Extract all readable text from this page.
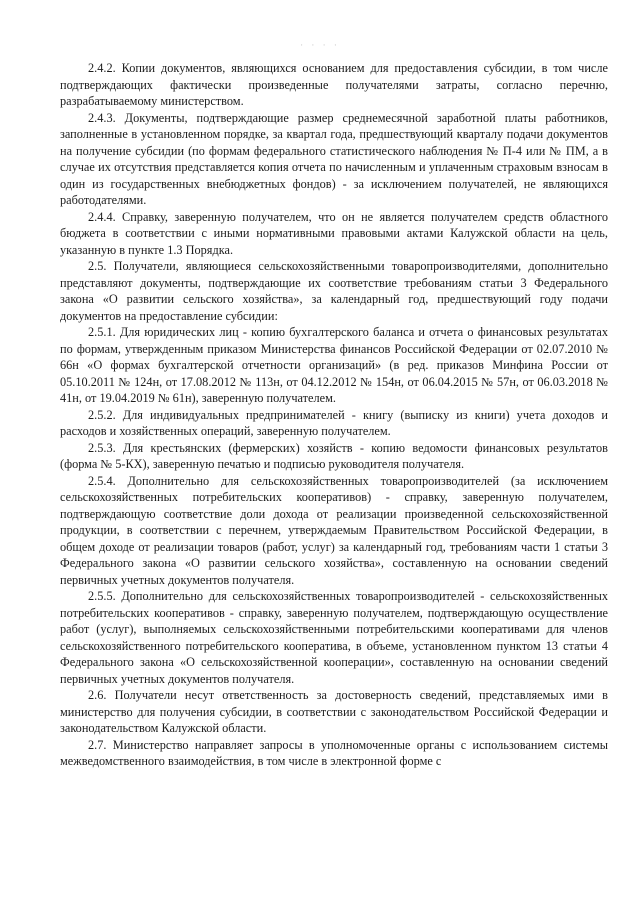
· · · ·

2.4.2. Копии документов, являющихся основанием для предоставления субсидии, в том числе подтверждающих фактически произведенные получателями затраты, согласно перечню, разрабатываемому министерством.

2.4.3. Документы, подтверждающие размер среднемесячной заработной платы работников, заполненные в установленном порядке, за квартал года, предшествующий кварталу подачи документов на получение субсидии (по формам федерального статистического наблюдения № П-4 или № ПМ, а в случае их отсутствия представляется копия отчета по начисленным и уплаченным страховым взносам в один из государственных внебюджетных фондов) - за исключением получателей, не являющихся работодателями.

2.4.4. Справку, заверенную получателем, что он не является получателем средств областного бюджета в соответствии с иными нормативными правовыми актами Калужской области на цель, указанную в пункте 1.3 Порядка.

2.5. Получатели, являющиеся сельскохозяйственными товаропроизводителями, дополнительно представляют документы, подтверждающие их соответствие требованиям статьи 3 Федерального закона «О развитии сельского хозяйства», за календарный год, предшествующий году подачи документов на предоставление субсидии:

2.5.1. Для юридических лиц - копию бухгалтерского баланса и отчета о финансовых результатах по формам, утвержденным приказом Министерства финансов Российской Федерации от 02.07.2010 № 66н «О формах бухгалтерской отчетности организаций» (в ред. приказов Минфина России от 05.10.2011 № 124н, от 17.08.2012 № 113н, от 04.12.2012 № 154н, от 06.04.2015 № 57н, от 06.03.2018 № 41н, от 19.04.2019 № 61н), заверенную получателем.

2.5.2. Для индивидуальных предпринимателей - книгу (выписку из книги) учета доходов и расходов и хозяйственных операций, заверенную получателем.

2.5.3. Для крестьянских (фермерских) хозяйств - копию ведомости финансовых результатов (форма № 5-КХ), заверенную печатью и подписью руководителя получателя.

2.5.4. Дополнительно для сельскохозяйственных товаропроизводителей (за исключением сельскохозяйственных потребительских кооперативов) - справку, заверенную получателем, подтверждающую соответствие доли дохода от реализации произведенной сельскохозяйственной продукции, в соответствии с перечнем, утверждаемым Правительством Российской Федерации, в общем доходе от реализации товаров (работ, услуг) за календарный год, требованиям части 1 статьи 3 Федерального закона «О развитии сельского хозяйства», составленную на основании сведений первичных учетных документов получателя.

2.5.5. Дополнительно для сельскохозяйственных товаропроизводителей - сельскохозяйственных потребительских кооперативов - справку, заверенную получателем, подтверждающую осуществление работ (услуг), выполняемых сельскохозяйственными потребительскими кооперативами для членов сельскохозяйственного потребительского кооператива, в объеме, установленном пунктом 13 статьи 4 Федерального закона «О сельскохозяйственной кооперации», составленную на основании сведений первичных учетных документов получателя.

2.6. Получатели несут ответственность за достоверность сведений, представляемых ими в министерство для получения субсидии, в соответствии с законодательством Российской Федерации и законодательством Калужской области.

2.7. Министерство направляет запросы в уполномоченные органы с использованием системы межведомственного взаимодействия, в том числе в электронной форме с
